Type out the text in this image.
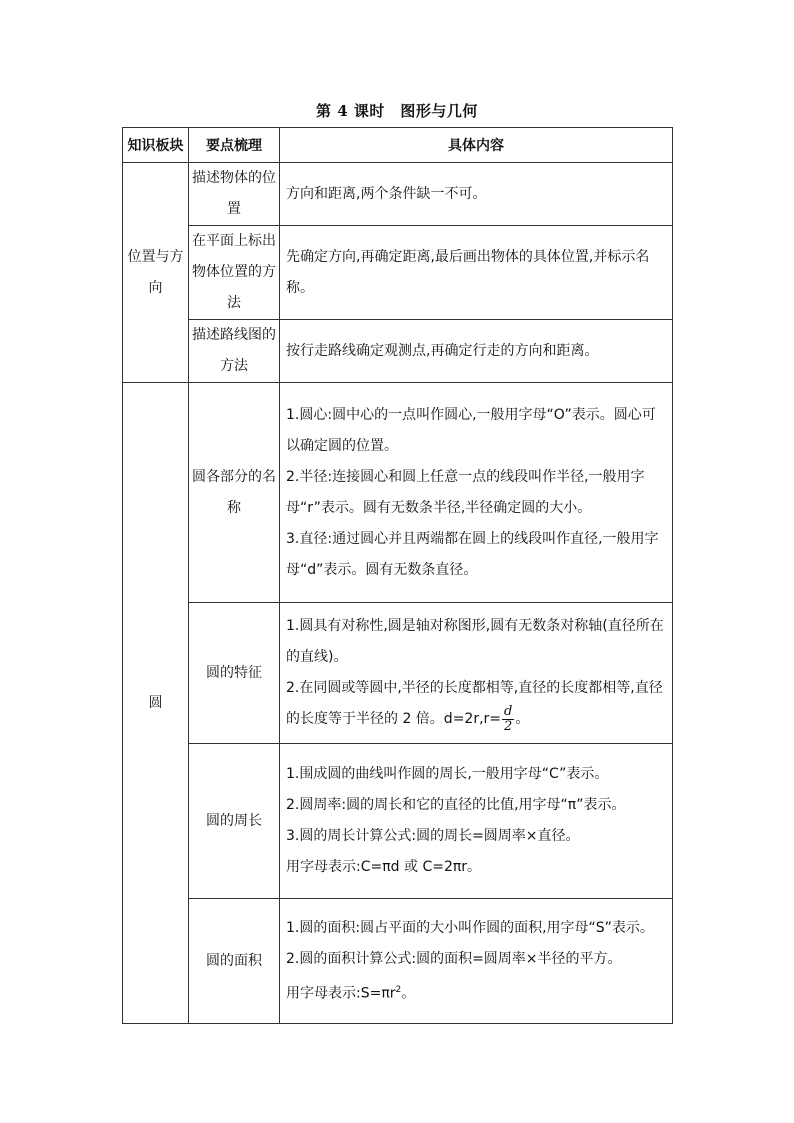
第 4 课时　图形与几何
知识板块	要点梳理	具体内容
位置与方向	描述物体的位置	方向和距离,两个条件缺一不可。

	在平面上标出物体位置的方法	先确定方向,再确定距离,最后画出物体的具体位置,并标示名称。

	描述路线图的方法	按行走路线确定观测点,再确定行走的方向和距离。

圆	圆各部分的名称	1.圆心:圆中心的一点叫作圆心,一般用字母“O”表示。圆心可以确定圆的位置。
2.半径:连接圆心和圆上任意一点的线段叫作半径,一般用字母“r”表示。圆有无数条半径,半径确定圆的大小。
3.直径:通过圆心并且两端都在圆上的线段叫作直径,一般用字母“d”表示。圆有无数条直径。

	圆的特征	1.圆具有对称性,圆是轴对称图形,圆有无数条对称轴(直径所在的直线)。
2.在同圆或等圆中,半径的长度都相等,直径的长度都相等,直径的长度等于半径的 2 倍。$d=2r,r= \frac{d}{2}$ 。

	圆的周长	1.围成圆的曲线叫作圆的周长,一般用字母“C”表示。
2.圆周率:圆的周长和它的直径的比值,用字母“π”表示。
3.圆的周长计算公式:圆的周长=圆周率×直径。
用字母表示:C=πd 或 C=2πr。

	圆的面积	1.圆的面积:圆占平面的大小叫作圆的面积,用字母“S”表示。
2.圆的面积计算公式:圆的面积=圆周率×半径的平方。
用字母表示$:S=\pi r^2$。
